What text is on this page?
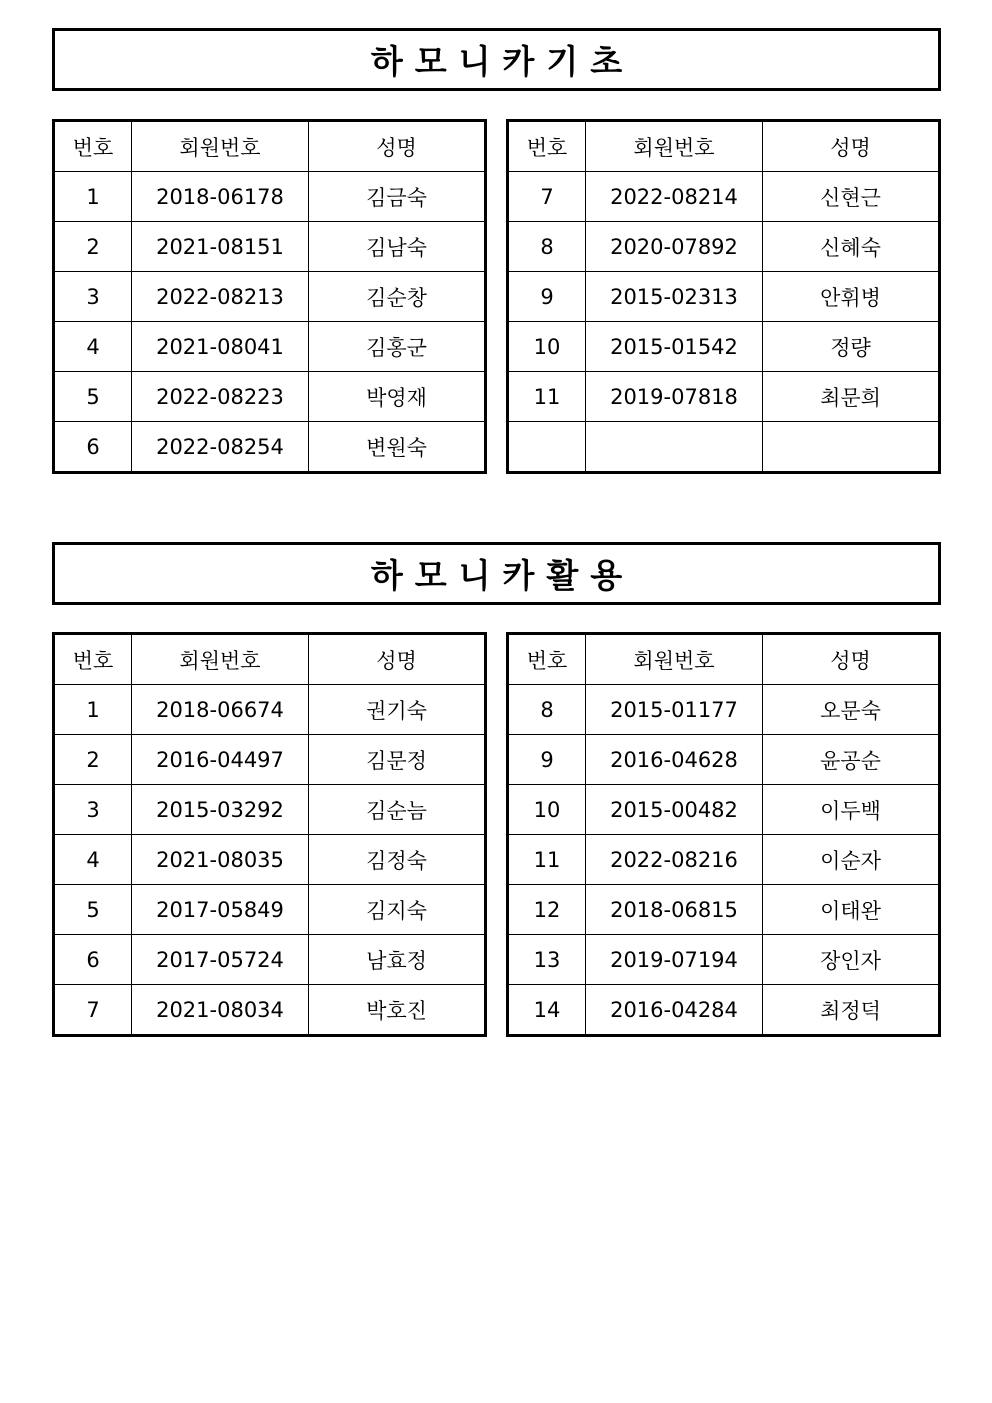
하모니카기초
번호	회원번호	성명
1	2018-06178	김금숙
2	2021-08151	김남숙
3	2022-08213	김순창
4	2021-08041	김홍군
5	2022-08223	박영재
6	2022-08254	변원숙
번호	회원번호	성명
7	2022-08214	신현근
8	2020-07892	신혜숙
9	2015-02313	안휘병
10	2015-01542	정량
11	2019-07818	최문희

하모니카활용
번호	회원번호	성명
1	2018-06674	권기숙
2	2016-04497	김문정
3	2015-03292	김순늠
4	2021-08035	김정숙
5	2017-05849	김지숙
6	2017-05724	남효정
7	2021-08034	박호진
번호	회원번호	성명
8	2015-01177	오문숙
9	2016-04628	윤공순
10	2015-00482	이두백
11	2022-08216	이순자
12	2018-06815	이태완
13	2019-07194	장인자
14	2016-04284	최정덕
